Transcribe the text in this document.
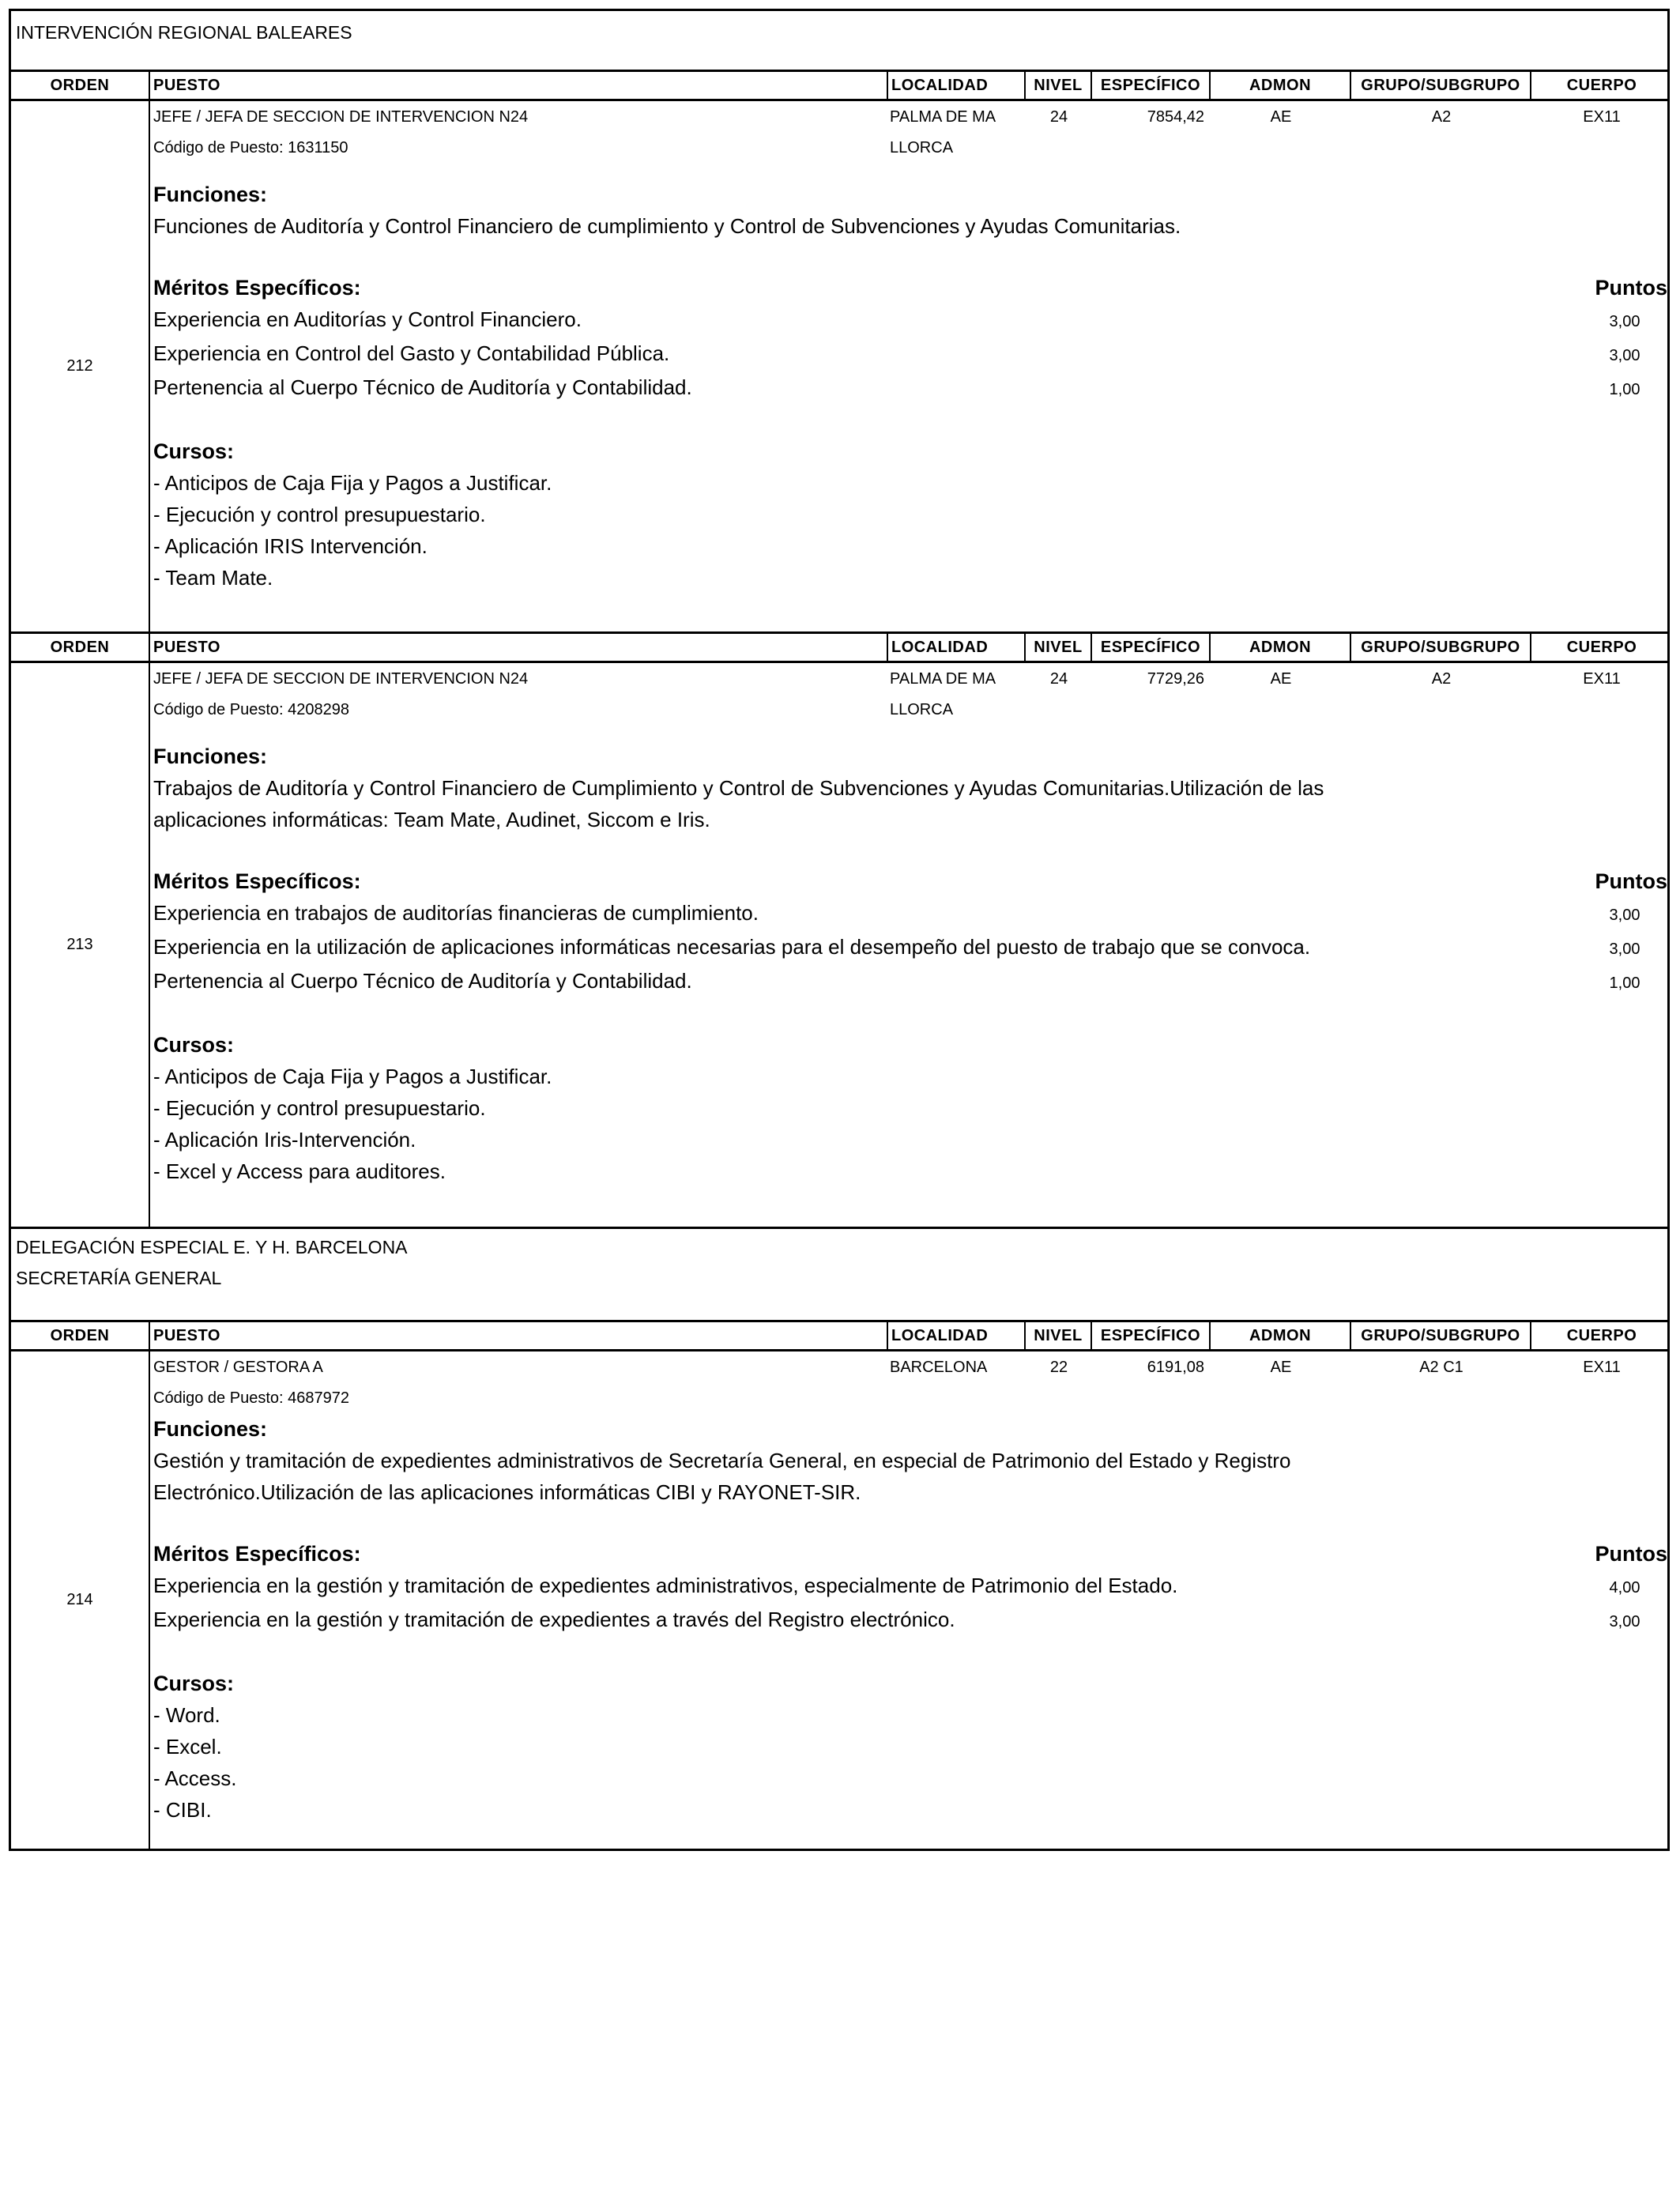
INTERVENCIÓN REGIONAL BALEARES
ORDEN	PUESTO	LOCALIDAD	NIVEL	ESPECÍFICO	ADMON	GRUPO/SUBGRUPO	CUERPO
212
JEFE / JEFA DE SECCION DE INTERVENCION N24	PALMA DE MA	24	7854,42	AE	A2	EX11
Código de Puesto: 1631150	LLORCA
Funciones:
Funciones de Auditoría y Control Financiero de cumplimiento y Control de Subvenciones y Ayudas Comunitarias.
Méritos Específicos:	Puntos
Experiencia en Auditorías y Control Financiero.	3,00
Experiencia en Control del Gasto y Contabilidad Pública.	3,00
Pertenencia al Cuerpo Técnico de Auditoría y Contabilidad.	1,00
Cursos:
- Anticipos de Caja Fija y Pagos a Justificar.
- Ejecución y control presupuestario.
- Aplicación IRIS Intervención.
- Team Mate.
ORDEN	PUESTO	LOCALIDAD	NIVEL	ESPECÍFICO	ADMON	GRUPO/SUBGRUPO	CUERPO
213
JEFE / JEFA DE SECCION DE INTERVENCION N24	PALMA DE MA	24	7729,26	AE	A2	EX11
Código de Puesto: 4208298	LLORCA
Funciones:
Trabajos de Auditoría y Control Financiero de Cumplimiento y Control de Subvenciones y Ayudas Comunitarias.Utilización de las
aplicaciones informáticas: Team Mate, Audinet, Siccom e Iris.
Méritos Específicos:	Puntos
Experiencia en trabajos de auditorías financieras de cumplimiento.	3,00
Experiencia en la utilización de aplicaciones informáticas necesarias para el desempeño del puesto de trabajo que se convoca.	3,00
Pertenencia al Cuerpo Técnico de Auditoría y Contabilidad.	1,00
Cursos:
- Anticipos de Caja Fija y Pagos a Justificar.
- Ejecución y control presupuestario.
- Aplicación Iris-Intervención.
- Excel y Access para auditores.
DELEGACIÓN ESPECIAL E. Y H. BARCELONA
SECRETARÍA GENERAL
ORDEN	PUESTO	LOCALIDAD	NIVEL	ESPECÍFICO	ADMON	GRUPO/SUBGRUPO	CUERPO
214
GESTOR / GESTORA A	BARCELONA	22	6191,08	AE	A2 C1	EX11
Código de Puesto: 4687972
Funciones:
Gestión y tramitación de expedientes administrativos de Secretaría General, en especial de Patrimonio del Estado y Registro
Electrónico.Utilización de las aplicaciones informáticas CIBI y RAYONET-SIR.
Méritos Específicos:	Puntos
Experiencia en la gestión y tramitación de expedientes administrativos, especialmente de Patrimonio del Estado.	4,00
Experiencia en la gestión y tramitación de expedientes a través del Registro electrónico.	3,00
Cursos:
- Word.
- Excel.
- Access.
- CIBI.
